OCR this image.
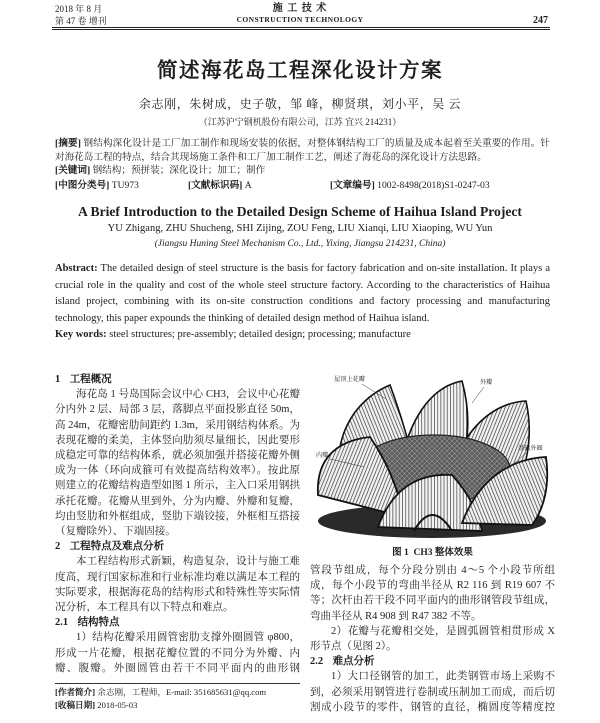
2018 年 8 月
第 47 卷 增刊
施 工 技 术
CONSTRUCTION TECHNOLOGY	247
简述海花岛工程深化设计方案
余志刚，朱树成，史子敬，邹 峰，柳贤琪，刘小平，吴 云
（江苏沪宁钢机股份有限公司，江苏 宜兴 214231）

[摘要] 钢结构深化设计是工厂加工制作和现场安装的依据，对整体钢结构工厂的质量及成本起着至关重要的作用。针对海花岛工程的特点，结合其现场施工条件和工厂加工制作工艺，阐述了海花岛的深化设计方法思路。

[关键词] 钢结构；预拼装；深化设计；加工；制作

[中图分类号] TU973	[文献标识码] A	[文章编号] 1002-8498(2018)S1-0247-03
A Brief Introduction to the Detailed Design Scheme of Haihua Island Project
YU Zhigang, ZHU Shucheng, SHI Zijing, ZOU Feng, LIU Xianqi, LIU Xiaoping, WU Yun
(Jiangsu Huning Steel Mechanism Co., Ltd., Yixing, Jiangsu 214231, China)

Abstract: The detailed design of steel structure is the basis for factory fabrication and on-site installation. It plays a crucial role in the quality and cost of the whole steel structure factory. According to the characteristics of Haihua island project, combining with its on-site construction conditions and factory processing and manufacturing technology, this paper expounds the thinking of detailed design method of Haihua island.

Key words: steel structures; pre-assembly; detailed design; processing; manufacture

1 工程概况

海花岛 1 号岛国际会议中心 CH3，会议中心花瓣分内外 2 层、局部 3 层，落脚点平面投影直径 50m，高 24m，花瓣密肋间距约 1.3m，采用钢结构体系。为表现花瓣的柔美，主体竖向肋须尽量细长，因此要形成稳定可靠的结构体系，就必须加强并搭接花瓣外侧成为一体（环向成箍可有效提高结构效率）。按此原则建立的花瓣结构造型如图 1 所示，主入口采用钢拱承托花瓣。花瓣从里到外，分为内瓣、外瓣和复瓣，均由竖肋和外框组成，竖肋下端铰接，外框相互搭接（复瓣除外）、下端固接。

2 工程特点及难点分析

本工程结构形式新颖，构造复杂，设计与施工难度高，现行国家标准和行业标准均难以满足本工程的实际要求，根据海花岛的结构形式和特殊性等实际情况分析，本工程具有以下特点和难点。

2.1 结构特点

1）结构花瓣采用圆管密肋支撑外圈圆管 φ800，形成一片花瓣，根据花瓣位置的不同分为外瓣、内瓣、腹瓣。外圈圆管由若干不同平面内的曲形钢

[作者简介] 余志刚，工程师，E-mail: 351685631@qq.com
[收稿日期] 2018-05-03
屋顶上花瓣	外瓣
内瓣
基础外圈
图 1  CH3 整体效果

管段节组成，每个分段分别由 4～5 个小段节所组成，每个小段节的弯曲半径从 R2 116 到 R19 607 不等；次杆由若干段不同平面内的曲形钢管段节组成，弯曲半径从 R4 908 到 R47 382 不等。

2）花瓣与花瓣相交处，是圆弧圆管相贯形成 X 形节点（见图 2）。

2.2 难点分析

1）大口径钢管的加工，此类钢管市场上采购不到，必须采用钢管进行卷制或压制加工而成，而后切割成小段节的零件，钢管的直径，椭圆度等精度控
